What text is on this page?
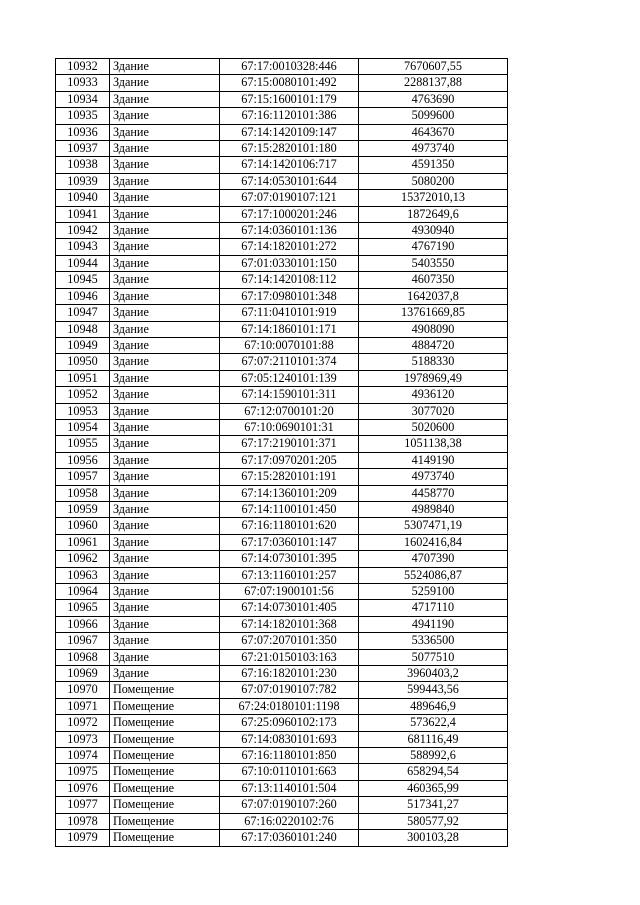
10932	Здание	67:17:0010328:446	7670607,55
10933	Здание	67:15:0080101:492	2288137,88
10934	Здание	67:15:1600101:179	4763690
10935	Здание	67:16:1120101:386	5099600
10936	Здание	67:14:1420109:147	4643670
10937	Здание	67:15:2820101:180	4973740
10938	Здание	67:14:1420106:717	4591350
10939	Здание	67:14:0530101:644	5080200
10940	Здание	67:07:0190107:121	15372010,13
10941	Здание	67:17:1000201:246	1872649,6
10942	Здание	67:14:0360101:136	4930940
10943	Здание	67:14:1820101:272	4767190
10944	Здание	67:01:0330101:150	5403550
10945	Здание	67:14:1420108:112	4607350
10946	Здание	67:17:0980101:348	1642037,8
10947	Здание	67:11:0410101:919	13761669,85
10948	Здание	67:14:1860101:171	4908090
10949	Здание	67:10:0070101:88	4884720
10950	Здание	67:07:2110101:374	5188330
10951	Здание	67:05:1240101:139	1978969,49
10952	Здание	67:14:1590101:311	4936120
10953	Здание	67:12:0700101:20	3077020
10954	Здание	67:10:0690101:31	5020600
10955	Здание	67:17:2190101:371	1051138,38
10956	Здание	67:17:0970201:205	4149190
10957	Здание	67:15:2820101:191	4973740
10958	Здание	67:14:1360101:209	4458770
10959	Здание	67:14:1100101:450	4989840
10960	Здание	67:16:1180101:620	5307471,19
10961	Здание	67:17:0360101:147	1602416,84
10962	Здание	67:14:0730101:395	4707390
10963	Здание	67:13:1160101:257	5524086,87
10964	Здание	67:07:1900101:56	5259100
10965	Здание	67:14:0730101:405	4717110
10966	Здание	67:14:1820101:368	4941190
10967	Здание	67:07:2070101:350	5336500
10968	Здание	67:21:0150103:163	5077510
10969	Здание	67:16:1820101:230	3960403,2
10970	Помещение	67:07:0190107:782	599443,56
10971	Помещение	67:24:0180101:1198	489646,9
10972	Помещение	67:25:0960102:173	573622,4
10973	Помещение	67:14:0830101:693	681116,49
10974	Помещение	67:16:1180101:850	588992,6
10975	Помещение	67:10:0110101:663	658294,54
10976	Помещение	67:13:1140101:504	460365,99
10977	Помещение	67:07:0190107:260	517341,27
10978	Помещение	67:16:0220102:76	580577,92
10979	Помещение	67:17:0360101:240	300103,28
